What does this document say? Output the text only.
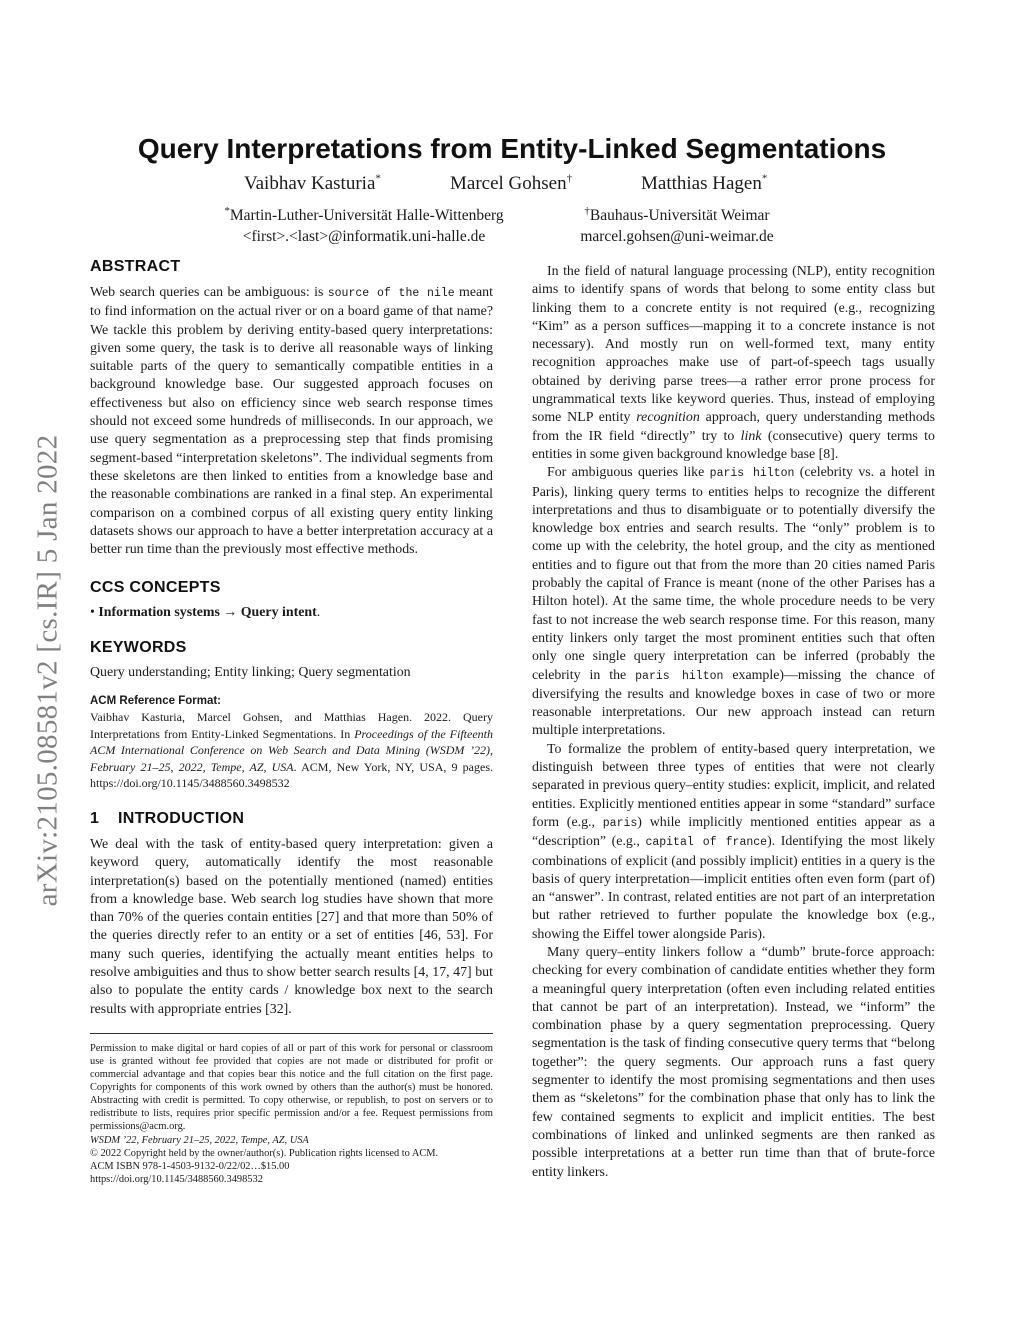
arXiv:2105.08581v2 [cs.IR] 5 Jan 2022
Query Interpretations from Entity-Linked Segmentations
Vaibhav Kasturia*	Marcel Gohsen†	Matthias Hagen*
*Martin-Luther-Universität Halle-Wittenberg
<first>.<last>@informatik.uni-halle.de
†Bauhaus-Universität Weimar
marcel.gohsen@uni-weimar.de
ABSTRACT

Web search queries can be ambiguous: is source of the nile meant to find information on the actual river or on a board game of that name? We tackle this problem by deriving entity-based query interpretations: given some query, the task is to derive all reasonable ways of linking suitable parts of the query to semantically compatible entities in a background knowledge base. Our suggested approach focuses on effectiveness but also on efficiency since web search response times should not exceed some hundreds of milliseconds. In our approach, we use query segmentation as a preprocessing step that finds promising segment-based “interpretation skeletons”. The individual segments from these skeletons are then linked to entities from a knowledge base and the reasonable combinations are ranked in a final step. An experimental comparison on a combined corpus of all existing query entity linking datasets shows our approach to have a better interpretation accuracy at a better run time than the previously most effective methods.

CCS CONCEPTS

• Information systems → Query intent.

KEYWORDS

Query understanding; Entity linking; Query segmentation

ACM Reference Format:

Vaibhav Kasturia, Marcel Gohsen, and Matthias Hagen. 2022. Query Interpretations from Entity-Linked Segmentations. In Proceedings of the Fifteenth ACM International Conference on Web Search and Data Mining (WSDM ’22), February 21–25, 2022, Tempe, AZ, USA. ACM, New York, NY, USA, 9 pages. https://doi.org/10.1145/3488560.3498532

1 INTRODUCTION

We deal with the task of entity-based query interpretation: given a keyword query, automatically identify the most reasonable interpretation(s) based on the potentially mentioned (named) entities from a knowledge base. Web search log studies have shown that more than 70% of the queries contain entities [27] and that more than 50% of the queries directly refer to an entity or a set of entities [46, 53]. For many such queries, identifying the actually meant entities helps to resolve ambiguities and thus to show better search results [4, 17, 47] but also to populate the entity cards / knowledge box next to the search results with appropriate entries [32].

Permission to make digital or hard copies of all or part of this work for personal or classroom use is granted without fee provided that copies are not made or distributed for profit or commercial advantage and that copies bear this notice and the full citation on the first page. Copyrights for components of this work owned by others than the author(s) must be honored. Abstracting with credit is permitted. To copy otherwise, or republish, to post on servers or to redistribute to lists, requires prior specific permission and/or a fee. Request permissions from permissions@acm.org.

WSDM ’22, February 21–25, 2022, Tempe, AZ, USA

© 2022 Copyright held by the owner/author(s). Publication rights licensed to ACM.

ACM ISBN 978-1-4503-9132-0/22/02…$15.00

https://doi.org/10.1145/3488560.3498532

In the field of natural language processing (NLP), entity recognition aims to identify spans of words that belong to some entity class but linking them to a concrete entity is not required (e.g., recognizing “Kim” as a person suffices—mapping it to a concrete instance is not necessary). And mostly run on well-formed text, many entity recognition approaches make use of part-of-speech tags usually obtained by deriving parse trees—a rather error prone process for ungrammatical texts like keyword queries. Thus, instead of employing some NLP entity recognition approach, query understanding methods from the IR field “directly” try to link (consecutive) query terms to entities in some given background knowledge base [8].

For ambiguous queries like paris hilton (celebrity vs. a hotel in Paris), linking query terms to entities helps to recognize the different interpretations and thus to disambiguate or to potentially diversify the knowledge box entries and search results. The “only” problem is to come up with the celebrity, the hotel group, and the city as mentioned entities and to figure out that from the more than 20 cities named Paris probably the capital of France is meant (none of the other Parises has a Hilton hotel). At the same time, the whole procedure needs to be very fast to not increase the web search response time. For this reason, many entity linkers only target the most prominent entities such that often only one single query interpretation can be inferred (probably the celebrity in the paris hilton example)—missing the chance of diversifying the results and knowledge boxes in case of two or more reasonable interpretations. Our new approach instead can return multiple interpretations.

To formalize the problem of entity-based query interpretation, we distinguish between three types of entities that were not clearly separated in previous query–entity studies: explicit, implicit, and related entities. Explicitly mentioned entities appear in some “standard” surface form (e.g., paris) while implicitly mentioned entities appear as a “description” (e.g., capital of france). Identifying the most likely combinations of explicit (and possibly implicit) entities in a query is the basis of query interpretation—implicit entities often even form (part of) an “answer”. In contrast, related entities are not part of an interpretation but rather retrieved to further populate the knowledge box (e.g., showing the Eiffel tower alongside Paris).

Many query–entity linkers follow a “dumb” brute-force approach: checking for every combination of candidate entities whether they form a meaningful query interpretation (often even including related entities that cannot be part of an interpretation). Instead, we “inform” the combination phase by a query segmentation preprocessing. Query segmentation is the task of finding consecutive query terms that “belong together”: the query segments. Our approach runs a fast query segmenter to identify the most promising segmentations and then uses them as “skeletons” for the combination phase that only has to link the few contained segments to explicit and implicit entities. The best combinations of linked and unlinked segments are then ranked as possible interpretations at a better run time than that of brute-force entity linkers.
